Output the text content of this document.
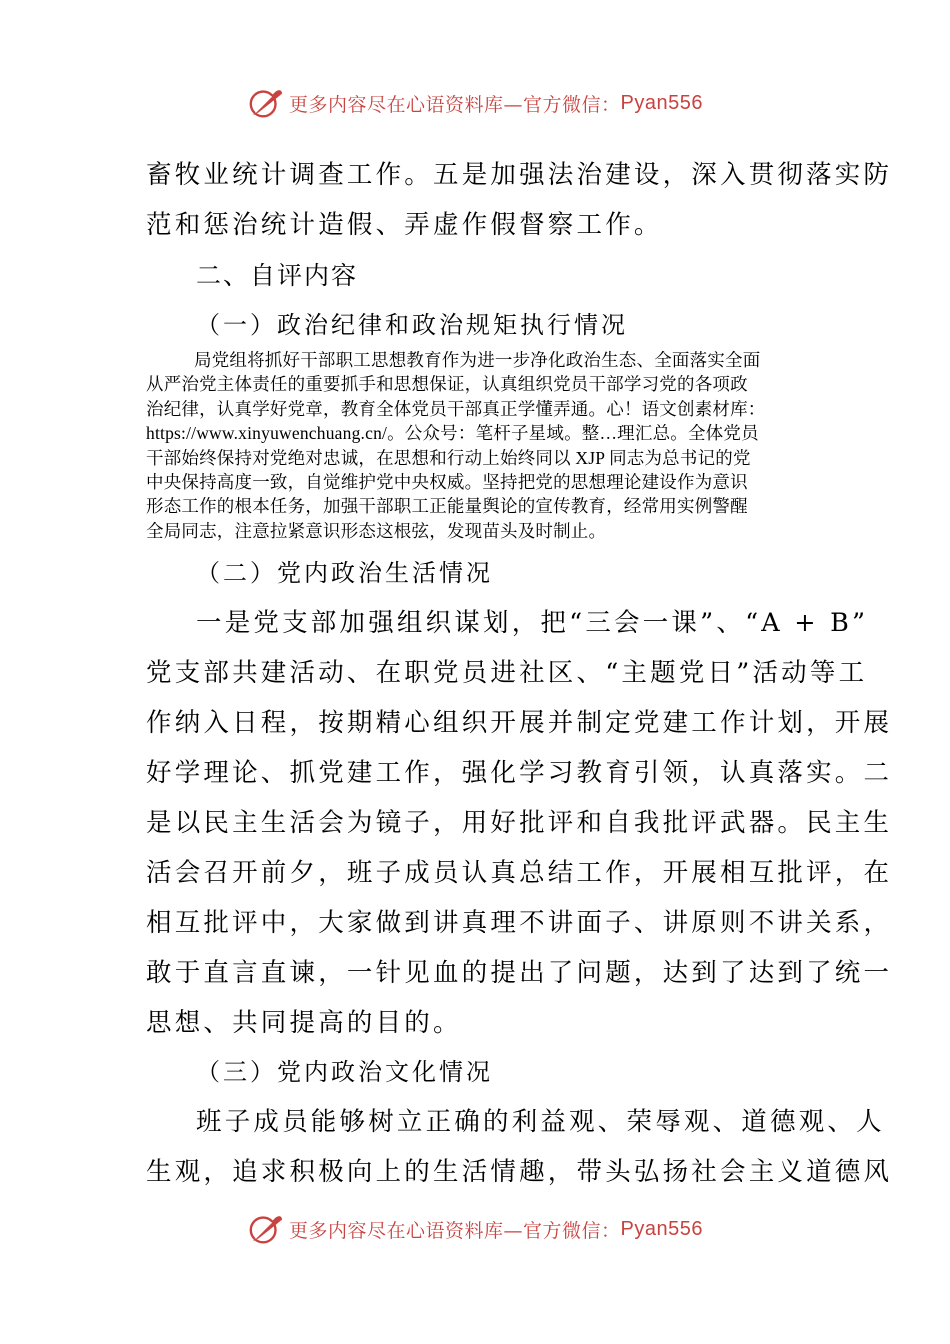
更多内容尽在心语资料库—官方微信： Pyan556
畜牧业统计调查工作。五是加强法治建设，深入贯彻落实防
范和惩治统计造假、弄虚作假督察工作。
二、自评内容
（一）政治纪律和政治规矩执行情况

局党组将抓好干部职工思想教育作为进一步净化政治生态、全面落实全面

从严治党主体责任的重要抓手和思想保证，认真组织党员干部学习党的各项政

治纪律，认真学好党章，教育全体党员干部真正学懂弄通。心！语文创素材库：

https://www.xinyuwenchuang.cn/。公众号：笔杆子星域。整…理汇总。全体党员

干部始终保持对党绝对忠诚，在思想和行动上始终同以 XJP 同志为总书记的党

中央保持高度一致，自觉维护党中央权威。坚持把党的思想理论建设作为意识

形态工作的根本任务，加强干部职工正能量舆论的宣传教育，经常用实例警醒

全局同志，注意拉紧意识形态这根弦，发现苗头及时制止。

（二）党内政治生活情况
一是党支部加强组织谋划，把“三会一课”、“A + B”
党支部共建活动、在职党员进社区、“主题党日”活动等工
作纳入日程，按期精心组织开展并制定党建工作计划，开展
好学理论、抓党建工作，强化学习教育引领，认真落实。二
是以民主生活会为镜子，用好批评和自我批评武器。民主生
活会召开前夕，班子成员认真总结工作，开展相互批评，在
相互批评中，大家做到讲真理不讲面子、讲原则不讲关系，
敢于直言直谏，一针见血的提出了问题，达到了达到了统一
思想、共同提高的目的。
（三）党内政治文化情况
班子成员能够树立正确的利益观、荣辱观、道德观、人
生观，追求积极向上的生活情趣，带头弘扬社会主义道德风
更多内容尽在心语资料库—官方微信： Pyan556
